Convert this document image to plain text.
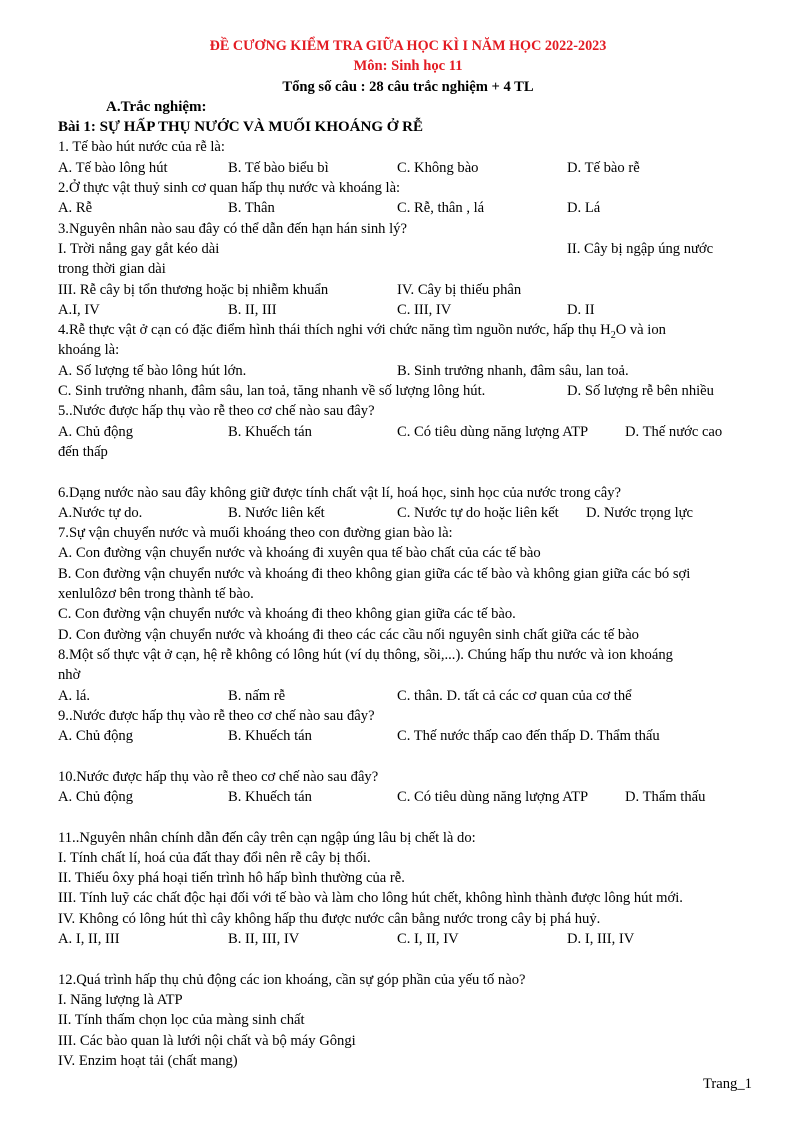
ĐỀ CƯƠNG KIỂM TRA GIỮA HỌC KÌ I NĂM HỌC 2022-2023
Môn: Sinh học 11
Tổng số câu : 28 câu trắc nghiệm + 4 TL
A.Trắc nghiệm:
Bài 1: SỰ HẤP THỤ NƯỚC VÀ MUỐI KHOÁNG Ở RỄ
1. Tế bào hút nước của rễ là:
A. Tế bào lông hút	B. Tế bào biểu bì	C. Không bào	D. Tế bào rễ
2.Ở thực vật thuỷ sinh cơ quan hấp thụ nước và khoáng là:
A. Rễ	B. Thân	C. Rễ, thân , lá	D. Lá
3.Nguyên nhân nào sau đây có thể dẫn đến hạn hán sinh lý?
I. Trời nắng gay gắt kéo dài	II. Cây bị ngập úng nước
trong thời gian dài
III. Rễ cây bị tổn thương hoặc bị nhiễm khuẩn	IV. Cây bị thiếu phân
A.I, IV	B. II, III	C. III, IV	D. II
4.Rễ thực vật ở cạn có đặc điểm hình thái thích nghi với chức năng tìm nguồn nước, hấp thụ $H_2O$ và ion
khoáng là:
A. Số lượng tế bào lông hút lớn.	B. Sinh trưởng nhanh, đâm sâu, lan toả.
C. Sinh trưởng nhanh, đâm sâu, lan toả, tăng nhanh về số lượng lông hút.	D. Số lượng rễ bên nhiều
5..Nước được hấp thụ vào rễ theo cơ chế nào sau đây?
A. Chủ động	B. Khuếch tán	C. Có tiêu dùng năng lượng ATP	D. Thế nước cao
đến thấp
6.Dạng nước nào sau đây không giữ được tính chất vật lí, hoá học, sinh học của nước trong cây?
A.Nước tự do.	B. Nước liên kết	C. Nước tự do hoặc liên kết D. Nước trọng lực
7.Sự vận chuyển nước và muối khoáng theo con đường gian bào là:
A. Con đường vận chuyển nước và khoáng đi xuyên qua tế bào chất của các tế bào
B. Con đường vận chuyển nước và khoáng đi theo không gian giữa các tế bào và không gian giữa các bó sợi
xenlulôzơ bên trong thành tế bào.
C. Con đường vận chuyển nước và khoáng đi theo không gian giữa các tế bào.
D. Con đường vận chuyển nước và khoáng đi theo các các cầu nối nguyên sinh chất giữa các tế bào
8.Một số thực vật ở cạn, hệ rễ không có lông hút (ví dụ thông, sồi,...). Chúng hấp thu nước và ion khoáng
nhờ
A. lá.	B. nấm rễ	C. thân. D. tất cả các cơ quan của cơ thể
9..Nước được hấp thụ vào rễ theo cơ chế nào sau đây?
A. Chủ động	B. Khuếch tán	C. Thế nước thấp cao đến thấp D. Thẩm thấu
10.Nước được hấp thụ vào rễ theo cơ chế nào sau đây?
A. Chủ động	B. Khuếch tán	C. Có tiêu dùng năng lượng ATP	D. Thẩm thấu
11..Nguyên nhân chính dẫn đến cây trên cạn ngập úng lâu bị chết là do:
I. Tính chất lí, hoá của đất thay đổi nên rễ cây bị thối.
II. Thiếu ôxy phá hoại tiến trình hô hấp bình thường của rễ.
III. Tính luỹ các chất độc hại đối với tế bào và làm cho lông hút chết, không hình thành được lông hút mới.
IV. Không có lông hút thì cây không hấp thu được nước cân bằng nước trong cây bị phá huỷ.
A. I, II, III	B. II, III, IV	C. I, II, IV	D. I, III, IV
12.Quá trình hấp thụ chủ động các ion khoáng, cần sự góp phần của yếu tố nào?
I. Năng lượng là ATP
II. Tính thấm chọn lọc của màng sinh chất
III. Các bào quan là lưới nội chất và bộ máy Gôngi
IV. Enzim hoạt tải (chất mang)
Trang_1
